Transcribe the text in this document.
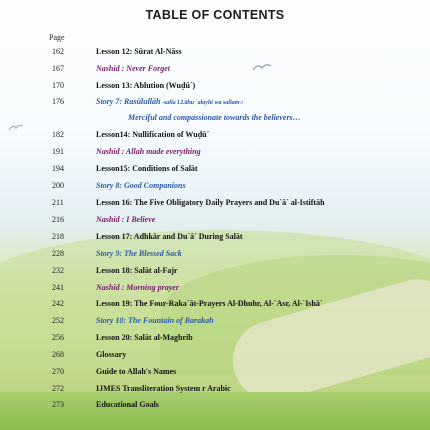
TABLE OF CONTENTS
Page
162	Lesson 12: Sūrat Al-Nāss
167	Nashid : Never Forget
170	Lesson 13: Ablution (Wuḍū´)
176	Story 7: Rasūlullāh -salla LLāhu `alayhi wa sallam-:
Merciful and compassionate towards the believers…
182	Lesson14: Nullification of Wuḍū´
191	Nashid : Allah made everything
194	Lesson15: Conditions of Salāt
200	Story 8: Good Companions
211	Lesson 16: The Five Obligatory Daily Prayers and Du`ā´ al-Istiftāh
216	Nashid : I Believe
218	Lesson 17: Adhkār and Du`ā´ During Salāt
228	Story 9: The Blessed Sack
232	Lesson 18: Salāt al-Fajr
241	Nashid : Morning prayer
242	Lesson 19: The Four-Raka`āt-Prayers Al-Dhuhr, Al-`Asr, Al-`Ishā´
252	Story 10: The Fountain of Barakah
256	Lesson 20: Salāt al-Maghrib
268	Glossary
270	Guide to Allah's Names
272	IJMES Transliteration System r Arabic
273	Educational Goals
